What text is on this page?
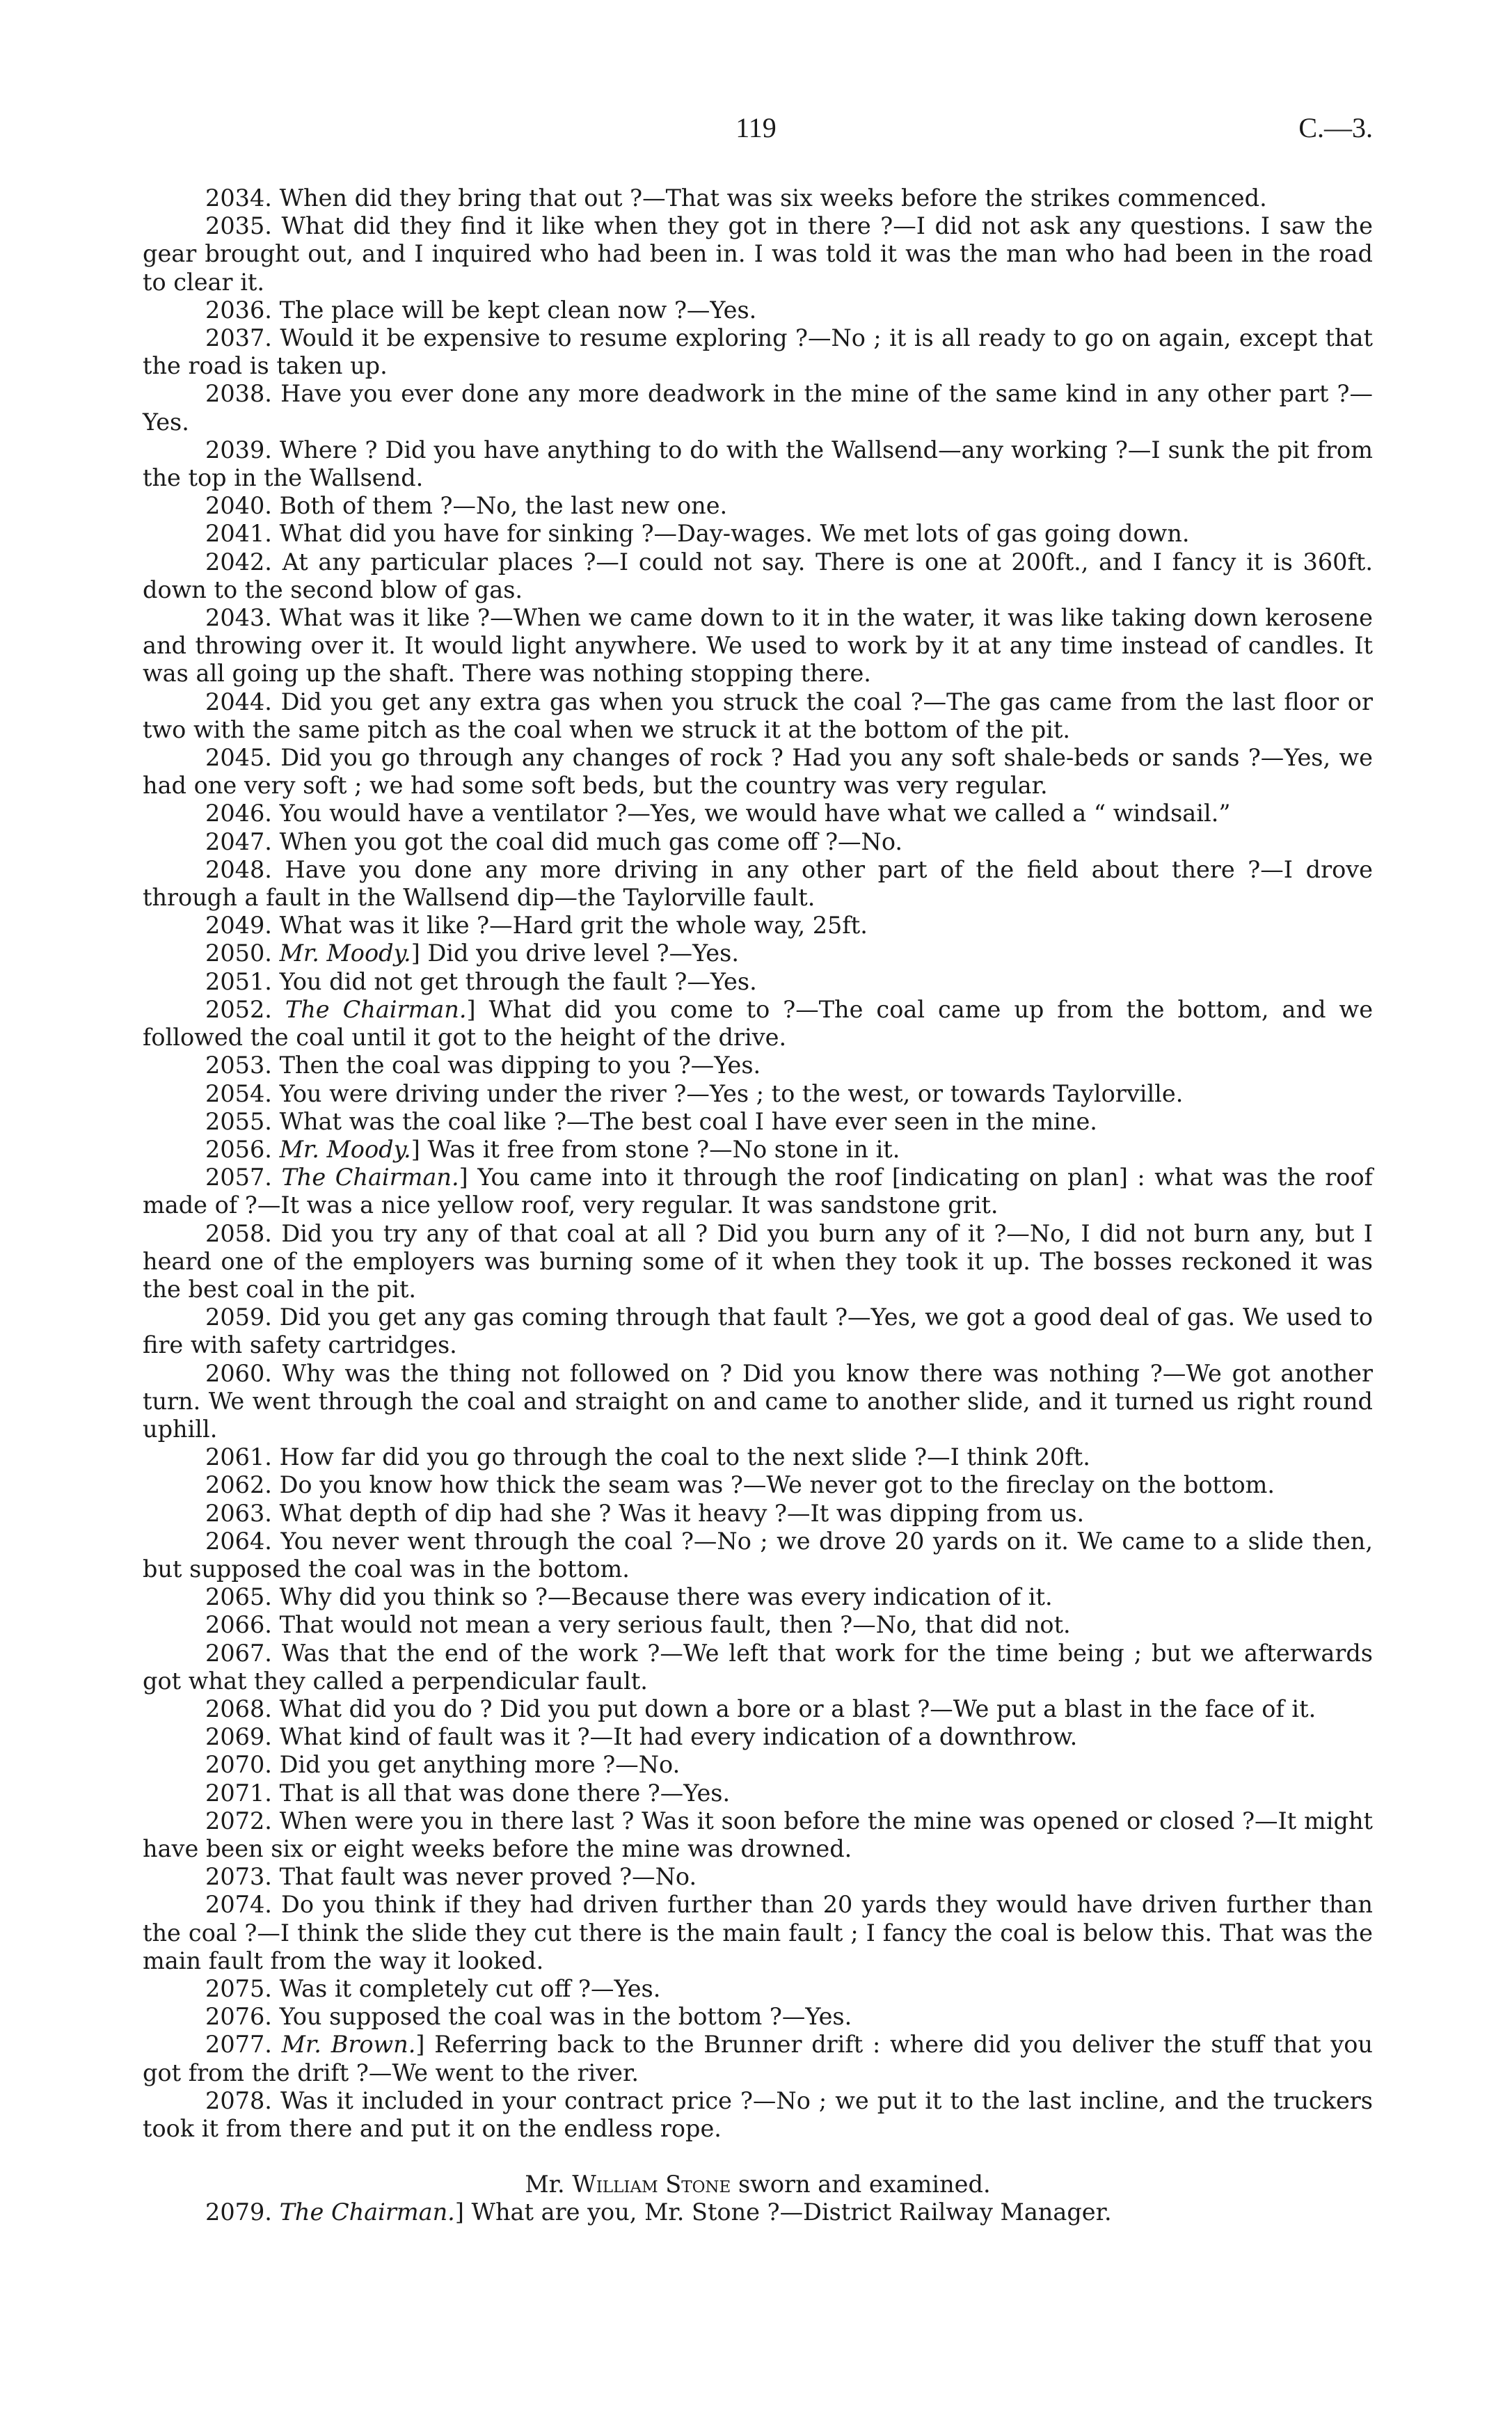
119	C.—3.

2034. When did they bring that out ?—That was six weeks before the strikes commenced.

2035. What did they find it like when they got in there ?—I did not ask any questions. I saw the gear brought out, and I inquired who had been in. I was told it was the man who had been in the road to clear it.

2036. The place will be kept clean now ?—Yes.

2037. Would it be expensive to resume exploring ?—No ; it is all ready to go on again, except that the road is taken up.

2038. Have you ever done any more deadwork in the mine of the same kind in any other part ?—Yes.

2039. Where ? Did you have anything to do with the Wallsend—any working ?—I sunk the pit from the top in the Wallsend.

2040. Both of them ?—No, the last new one.

2041. What did you have for sinking ?—Day-wages. We met lots of gas going down.

2042. At any particular places ?—I could not say. There is one at 200ft., and I fancy it is 360ft. down to the second blow of gas.

2043. What was it like ?—When we came down to it in the water, it was like taking down kerosene and throwing over it. It would light anywhere. We used to work by it at any time instead of candles. It was all going up the shaft. There was nothing stopping there.

2044. Did you get any extra gas when you struck the coal ?—The gas came from the last floor or two with the same pitch as the coal when we struck it at the bottom of the pit.

2045. Did you go through any changes of rock ? Had you any soft shale-beds or sands ?—Yes, we had one very soft ; we had some soft beds, but the country was very regular.

2046. You would have a ventilator ?—Yes, we would have what we called a “ windsail.”

2047. When you got the coal did much gas come off ?—No.

2048. Have you done any more driving in any other part of the field about there ?—I drove through a fault in the Wallsend dip—the Taylorville fault.

2049. What was it like ?—Hard grit the whole way, 25ft.

2050. Mr. Moody.] Did you drive level ?—Yes.

2051. You did not get through the fault ?—Yes.

2052. The Chairman.] What did you come to ?—The coal came up from the bottom, and we followed the coal until it got to the height of the drive.

2053. Then the coal was dipping to you ?—Yes.

2054. You were driving under the river ?—Yes ; to the west, or towards Taylorville.

2055. What was the coal like ?—The best coal I have ever seen in the mine.

2056. Mr. Moody.] Was it free from stone ?—No stone in it.

2057. The Chairman.] You came into it through the roof [indicating on plan] : what was the roof made of ?—It was a nice yellow roof, very regular. It was sandstone grit.

2058. Did you try any of that coal at all ? Did you burn any of it ?—No, I did not burn any, but I heard one of the employers was burning some of it when they took it up. The bosses reckoned it was the best coal in the pit.

2059. Did you get any gas coming through that fault ?—Yes, we got a good deal of gas. We used to fire with safety cartridges.

2060. Why was the thing not followed on ? Did you know there was nothing ?—We got another turn. We went through the coal and straight on and came to another slide, and it turned us right round uphill.

2061. How far did you go through the coal to the next slide ?—I think 20ft.

2062. Do you know how thick the seam was ?—We never got to the fireclay on the bottom.

2063. What depth of dip had she ? Was it heavy ?—It was dipping from us.

2064. You never went through the coal ?—No ; we drove 20 yards on it. We came to a slide then, but supposed the coal was in the bottom.

2065. Why did you think so ?—Because there was every indication of it.

2066. That would not mean a very serious fault, then ?—No, that did not.

2067. Was that the end of the work ?—We left that work for the time being ; but we afterwards got what they called a perpendicular fault.

2068. What did you do ? Did you put down a bore or a blast ?—We put a blast in the face of it.

2069. What kind of fault was it ?—It had every indication of a downthrow.

2070. Did you get anything more ?—No.

2071. That is all that was done there ?—Yes.

2072. When were you in there last ? Was it soon before the mine was opened or closed ?—It might have been six or eight weeks before the mine was drowned.

2073. That fault was never proved ?—No.

2074. Do you think if they had driven further than 20 yards they would have driven further than the coal ?—I think the slide they cut there is the main fault ; I fancy the coal is below this. That was the main fault from the way it looked.

2075. Was it completely cut off ?—Yes.

2076. You supposed the coal was in the bottom ?—Yes.

2077. Mr. Brown.] Referring back to the Brunner drift : where did you deliver the stuff that you got from the drift ?—We went to the river.

2078. Was it included in your contract price ?—No ; we put it to the last incline, and the truckers took it from there and put it on the endless rope.

Mr. William Stone sworn and examined.

2079. The Chairman.] What are you, Mr. Stone ?—District Railway Manager.
